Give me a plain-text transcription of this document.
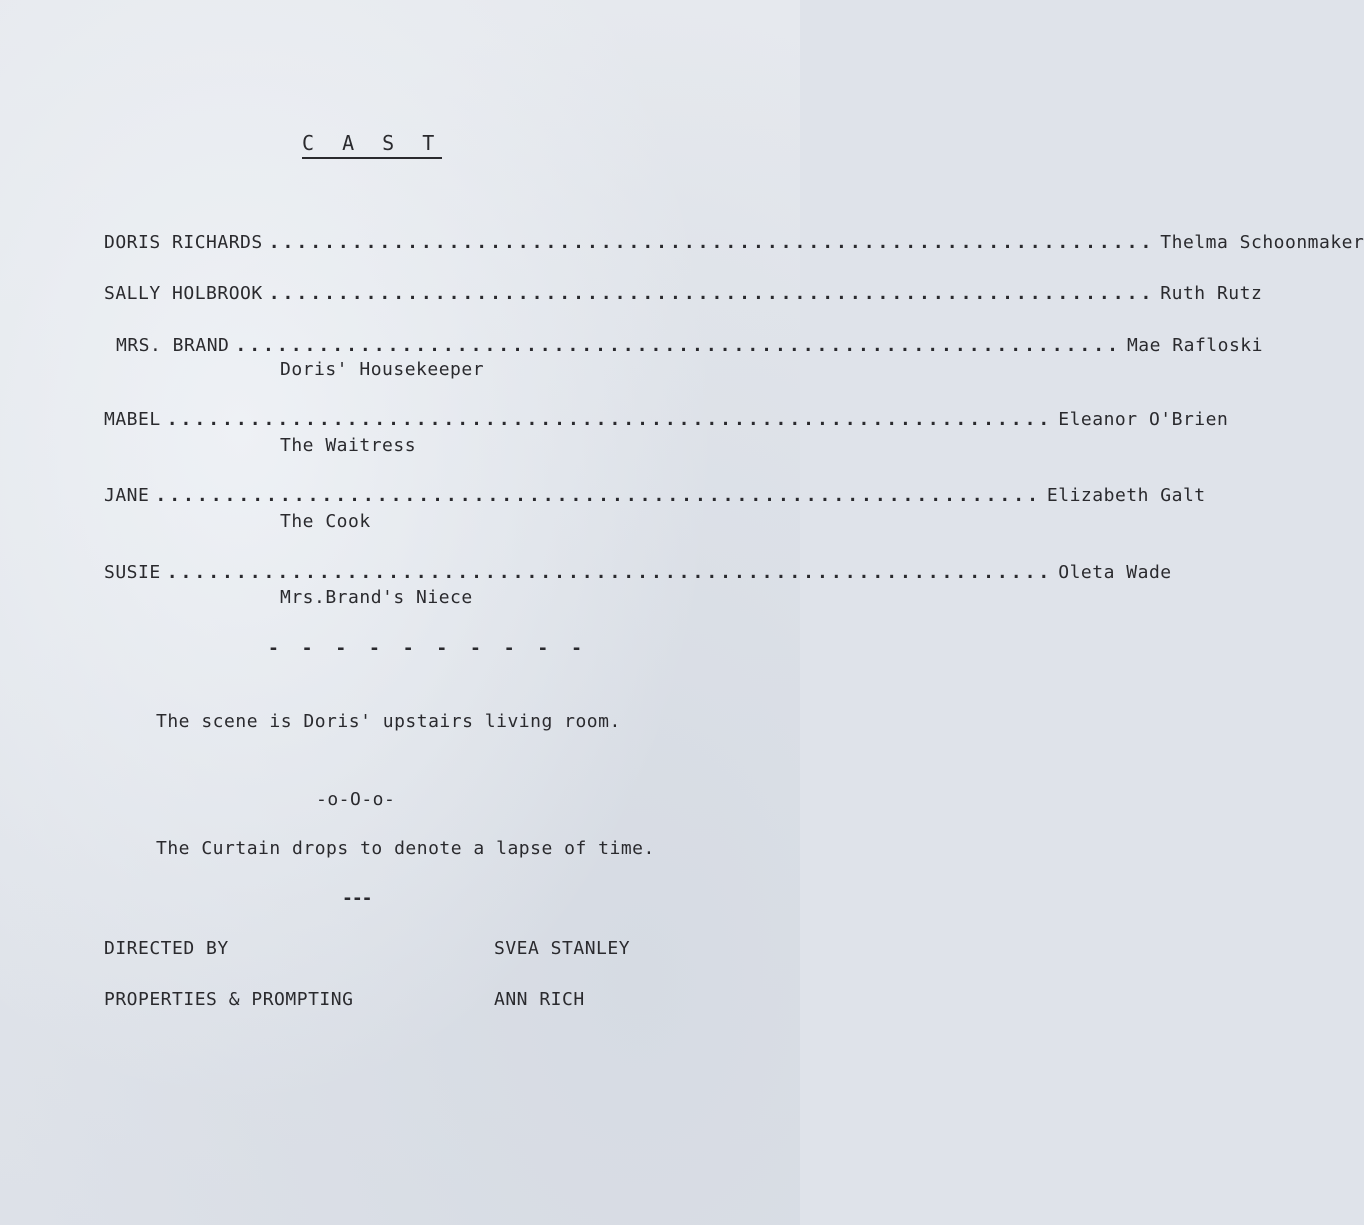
C A S T
DORIS RICHARDS ................................................................ Thelma Schoonmaker
SALLY HOLBROOK ................................................................ Ruth Rutz
MRS. BRAND ................................................................ Mae Rafloski
Doris' Housekeeper
MABEL ................................................................ Eleanor O'Brien
The Waitress
JANE ................................................................ Elizabeth Galt
The Cook
SUSIE ................................................................ Oleta Wade
Mrs.Brand's Niece
- - - - - - - - - -
The scene is Doris' upstairs living room.
-o-O-o-
The Curtain drops to denote a lapse of time.
---
DIRECTED BY	SVEA STANLEY
PROPERTIES & PROMPTING	ANN RICH
